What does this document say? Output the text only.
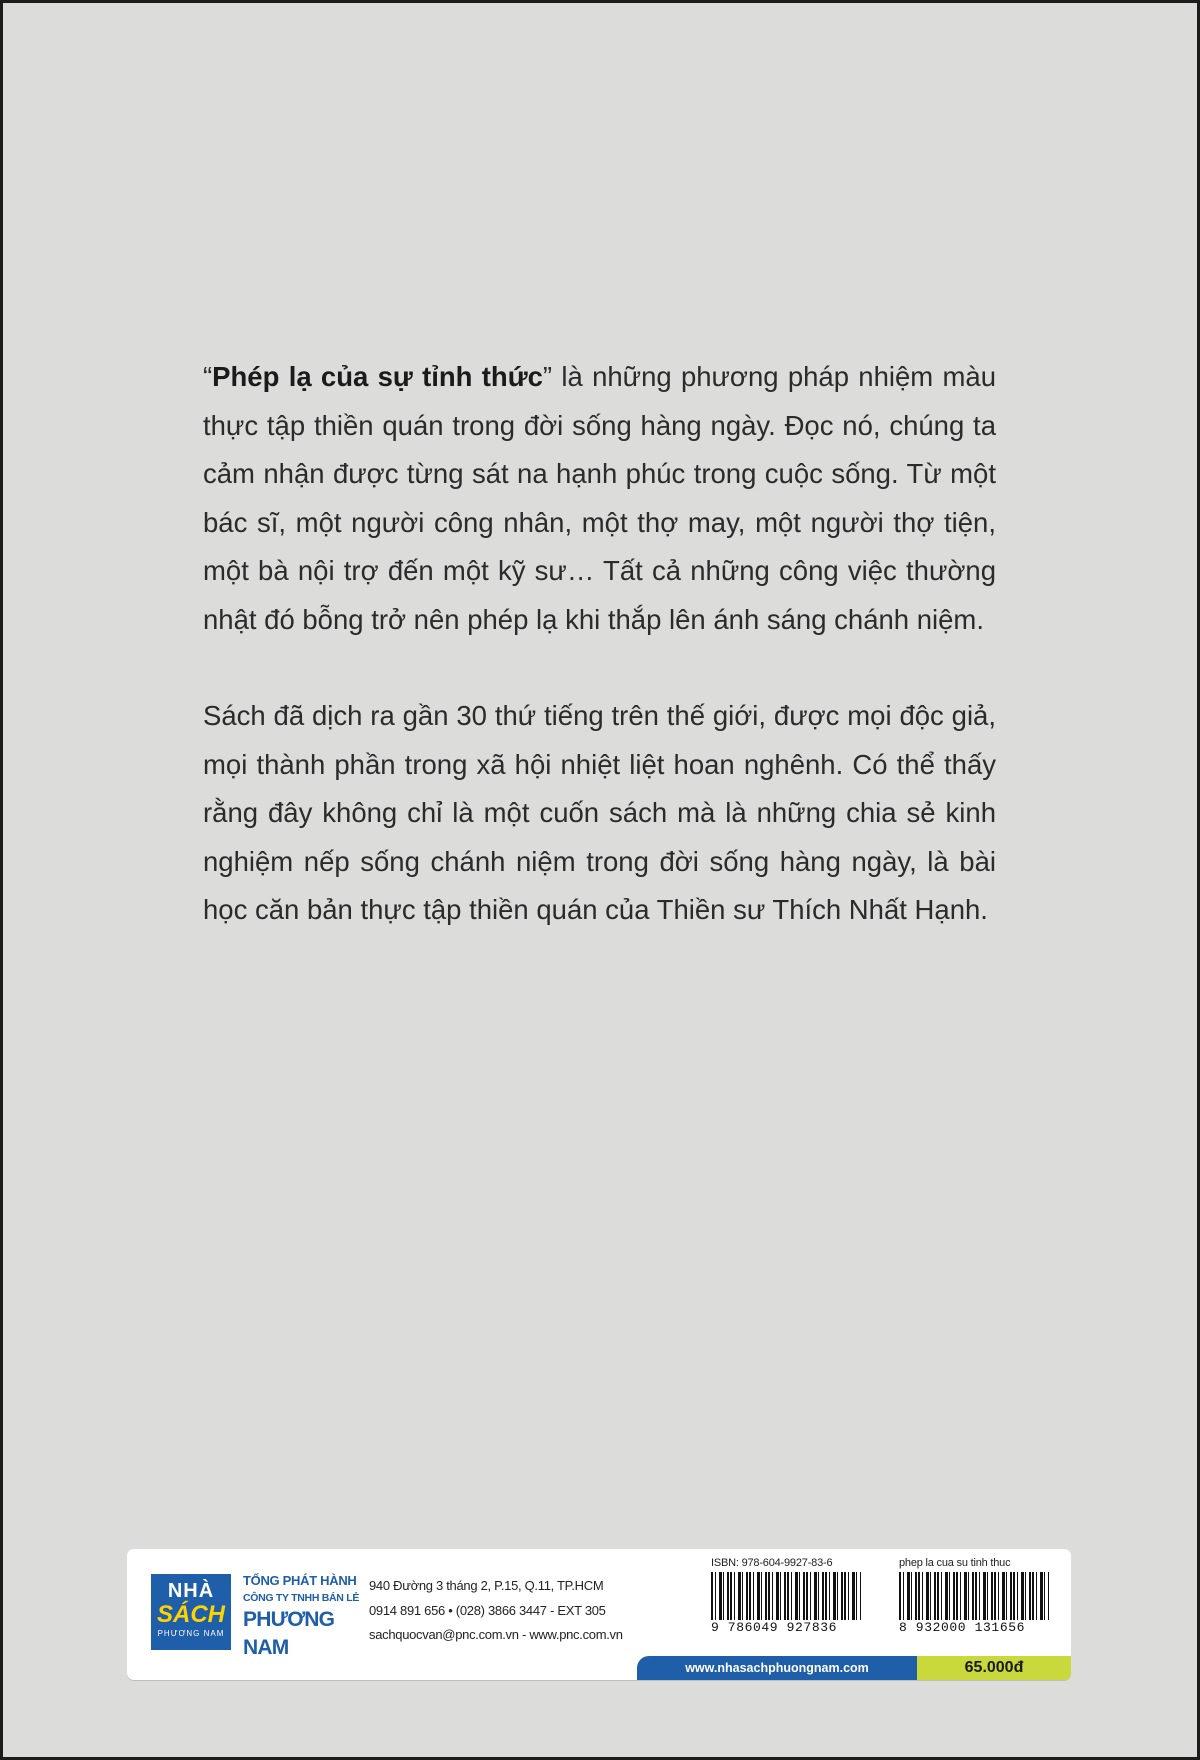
“Phép lạ của sự tỉnh thức” là những phương pháp nhiệm màu thực tập thiền quán trong đời sống hàng ngày. Đọc nó, chúng ta cảm nhận được từng sát na hạnh phúc trong cuộc sống. Từ một bác sĩ, một người công nhân, một thợ may, một người thợ tiện, một bà nội trợ đến một kỹ sư… Tất cả những công việc thường nhật đó bỗng trở nên phép lạ khi thắp lên ánh sáng chánh niệm.

Sách đã dịch ra gần 30 thứ tiếng trên thế giới, được mọi độc giả, mọi thành phần trong xã hội nhiệt liệt hoan nghênh. Có thể thấy rằng đây không chỉ là một cuốn sách mà là những chia sẻ kinh nghiệm nếp sống chánh niệm trong đời sống hàng ngày, là bài học căn bản thực tập thiền quán của Thiền sư Thích Nhất Hạnh.

NHÀ
SÁCH
PHƯƠNG NAM
TỔNG PHÁT HÀNH
CÔNG TY TNHH BÁN LẺ
PHƯƠNG NAM
940 Đường 3 tháng 2, P.15, Q.11, TP.HCM
0914 891 656 • (028) 3866 3447 - EXT 305
sachquocvan@pnc.com.vn - www.pnc.com.vn
ISBN: 978-604-9927-83-6
9 786049 927836
phep la cua su tinh thuc
8 932000 131656
www.nhasachphuongnam.com	65.000đ
